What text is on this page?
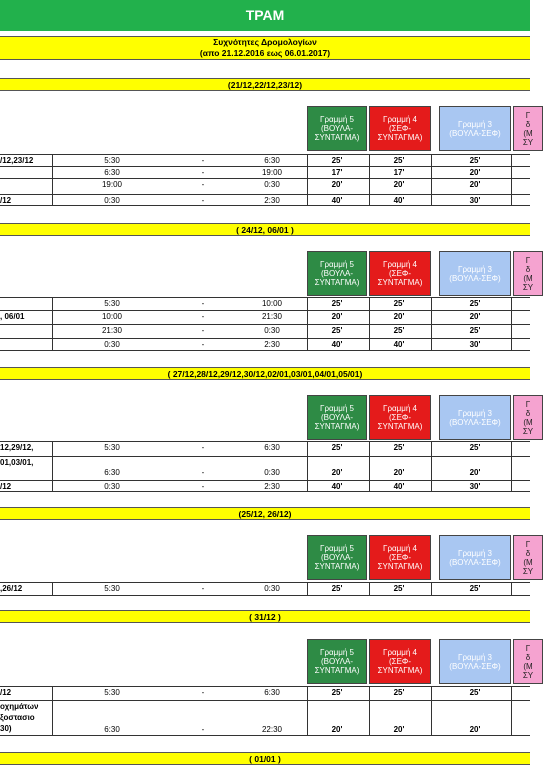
ΤΡΑΜ
Συχνότητες Δρομολογίων
(απο 21.12.2016 εως 06.01.2017)
(21/12,22/12,23/12)
Γραμμή 5
(ΒΟΥΛΑ-
ΣΥΝΤΑΓΜΑ)
Γραμμή 4
(ΣΕΦ-
ΣΥΝΤΑΓΜΑ)
Γραμμή 3
(ΒΟΥΛΑ-ΣΕΦ)
Γ
δ
(Μ
ΣΥ
/12,23/12	5:30	-	6:30	25'	25'	25'
6:30	-	19:00	17'	17'	20'
19:00	-	0:30	20'	20'	20'
/12	0:30	-	2:30	40'	40'	30'
( 24/12, 06/01 )
Γραμμή 5
(ΒΟΥΛΑ-
ΣΥΝΤΑΓΜΑ)
Γραμμή 4
(ΣΕΦ-
ΣΥΝΤΑΓΜΑ)
Γραμμή 3
(ΒΟΥΛΑ-ΣΕΦ)
Γ
δ
(Μ
ΣΥ
5:30	-	10:00	25'	25'	25'
, 06/01	10:00	-	21:30	20'	20'	20'
21:30	-	0:30	25'	25'	25'
0:30	-	2:30	40'	40'	30'
( 27/12,28/12,29/12,30/12,02/01,03/01,04/01,05/01)
Γραμμή 5
(ΒΟΥΛΑ-
ΣΥΝΤΑΓΜΑ)
Γραμμή 4
(ΣΕΦ-
ΣΥΝΤΑΓΜΑ)
Γραμμή 3
(ΒΟΥΛΑ-ΣΕΦ)
Γ
δ
(Μ
ΣΥ
12,29/12,	5:30	-	6:30	25'	25'	25'
01,03/01,
6:30	-	0:30	20'	20'	20'
/12	0:30	-	2:30	40'	40'	30'
(25/12, 26/12)
Γραμμή 5
(ΒΟΥΛΑ-
ΣΥΝΤΑΓΜΑ)
Γραμμή 4
(ΣΕΦ-
ΣΥΝΤΑΓΜΑ)
Γραμμή 3
(ΒΟΥΛΑ-ΣΕΦ)
Γ
δ
(Μ
ΣΥ
,26/12	5:30	-	0:30	25'	25'	25'
( 31/12 )
Γραμμή 5
(ΒΟΥΛΑ-
ΣΥΝΤΑΓΜΑ)
Γραμμή 4
(ΣΕΦ-
ΣΥΝΤΑΓΜΑ)
Γραμμή 3
(ΒΟΥΛΑ-ΣΕΦ)
Γ
δ
(Μ
ΣΥ
/12	5:30	-	6:30	25'	25'	25'
οχημάτων
ξοστασιο
30)	6:30	-	22:30	20'	20'	20'
( 01/01 )
